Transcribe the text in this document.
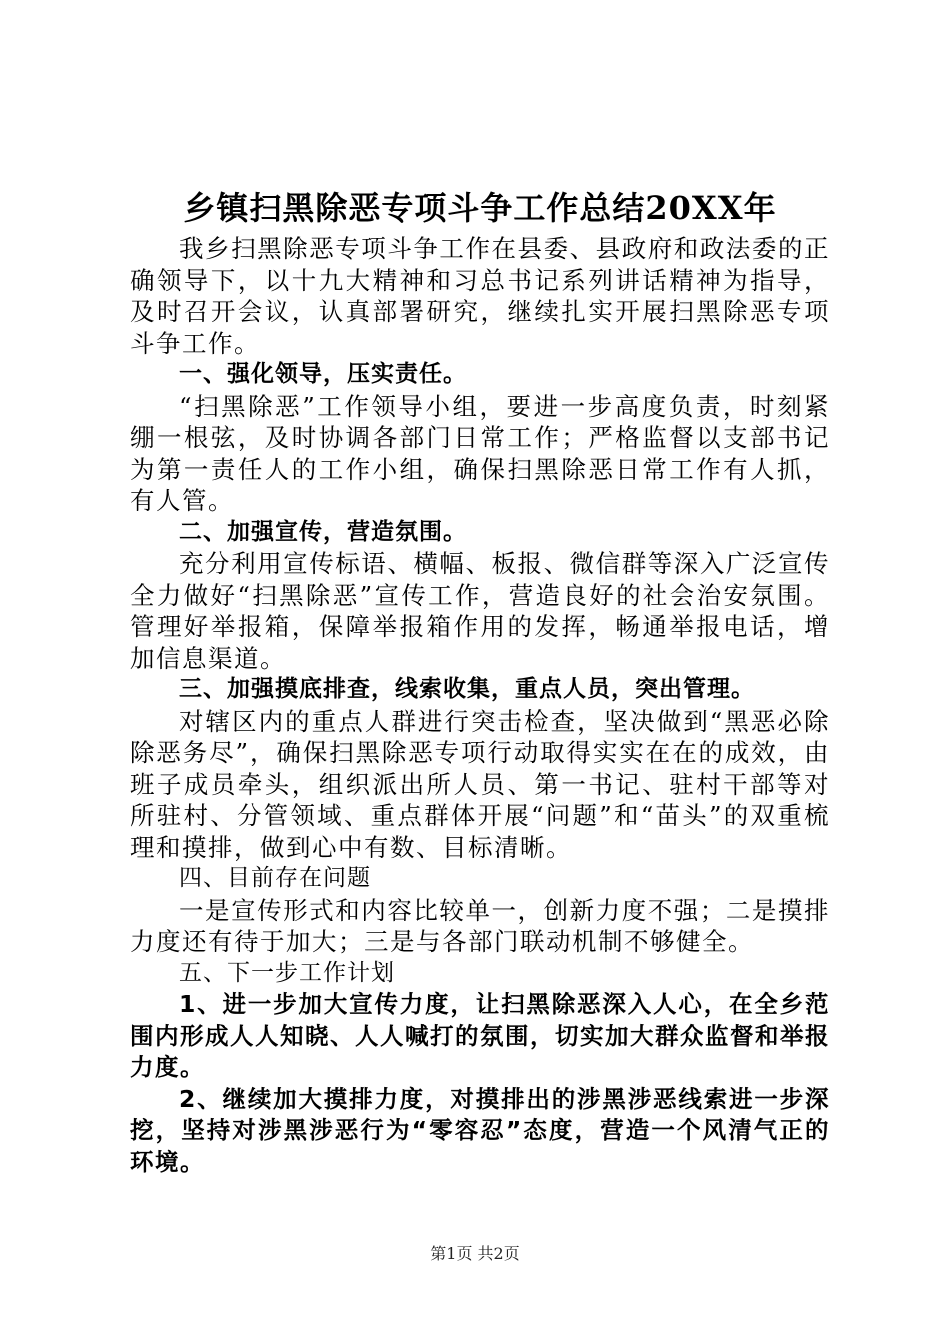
乡镇扫黑除恶专项斗争工作总结20XX年

我乡扫黑除恶专项斗争工作在县委、县政府和政法委的正确领导下，以十九大精神和习总书记系列讲话精神为指导，及时召开会议，认真部署研究，继续扎实开展扫黑除恶专项斗争工作。

一、强化领导，压实责任。

“扫黑除恶”工作领导小组，要进一步高度负责，时刻紧绷一根弦，及时协调各部门日常工作；严格监督以支部书记为第一责任人的工作小组，确保扫黑除恶日常工作有人抓，有人管。

二、加强宣传，营造氛围。

充分利用宣传标语、横幅、板报、微信群等深入广泛宣传全力做好“扫黑除恶”宣传工作，营造良好的社会治安氛围。管理好举报箱，保障举报箱作用的发挥，畅通举报电话，增加信息渠道。

三、加强摸底排查，线索收集，重点人员，突出管理。

对辖区内的重点人群进行突击检查，坚决做到“黑恶必除除恶务尽”，确保扫黑除恶专项行动取得实实在在的成效，由班子成员牵头，组织派出所人员、第一书记、驻村干部等对所驻村、分管领域、重点群体开展“问题”和“苗头”的双重梳理和摸排，做到心中有数、目标清晰。

四、目前存在问题

一是宣传形式和内容比较单一，创新力度不强；二是摸排力度还有待于加大；三是与各部门联动机制不够健全。

五、下一步工作计划

1、进一步加大宣传力度，让扫黑除恶深入人心，在全乡范围内形成人人知晓、人人喊打的氛围，切实加大群众监督和举报力度。

2、继续加大摸排力度，对摸排出的涉黑涉恶线索进一步深挖，坚持对涉黑涉恶行为“零容忍”态度，营造一个风清气正的环境。

第1页 共2页
